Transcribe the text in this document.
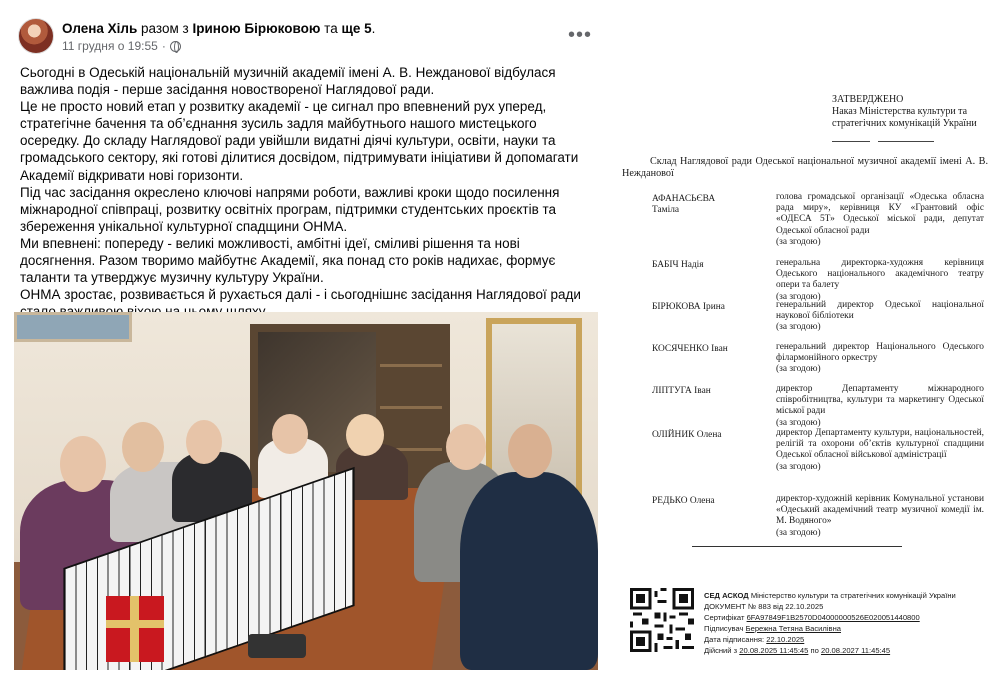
Олена Хіль разом з Іриною Бірюковою та ще 5.
11 грудня о 19:55 ·	•••

Сьогодні в Одеській національній музичній академії імені А. В. Нежданової відбулася важлива подія - перше засідання новоствореної Наглядової ради.

Це не просто новий етап у розвитку академії - це сигнал про впевнений рух уперед, стратегічне бачення та об’єднання зусиль задля майбутнього нашого мистецького осередку. До складу Наглядової ради увійшли видатні діячі культури, освіти, науки та громадського сектору, які готові ділитися досвідом, підтримувати ініціативи й допомагати Академії відкривати нові горизонти.

Під час засідання окреслено ключові напрями роботи, важливі кроки щодо посилення міжнародної співпраці, розвитку освітніх програм, підтримки студентських проєктів та збереження унікальної культурної спадщини ОНМА.

Ми впевнені: попереду - великі можливості, амбітні ідеї, сміливі рішення та нові досягнення. Разом творимо майбутнє Академії, яка понад сто років надихає, формує таланти та утверджує музичну культуру України.

ОНМА зростає, розвивається й рухається далі - і сьогоднішнє засідання Наглядової ради

ЗАТВЕРДЖЕНО
Наказ Міністерства культури та стратегічних комунікацій України
Склад Наглядової ради Одеської національної музичної академії імені А. В. Нежданової
АФАНАСЬЄВА
Таміла
голова громадської організації «Одеська обласна рада миру», керівниця КУ «Грантовий офіс «ОДЕСА 5Т» Одеської міської ради, депутат Одеської обласної ради
(за згодою)
БАБІЧ Надія	генеральна директорка-художня керівниця Одеського національного академічного театру опери та балету
(за згодою)
БІРЮКОВА Ірина	генеральний директор Одеської національної наукової бібліотеки
(за згодою)
КОСЯЧЕНКО Іван	генеральний директор Національного Одеського філармонійного оркестру
(за згодою)
ЛІПТУГА Іван	директор Департаменту міжнародного співробітництва, культури та маркетингу Одеської міської ради
(за згодою)
ОЛІЙНИК Олена	директор Департаменту культури, національностей, релігій та охорони об’єктів культурної спадщини Одеської обласної військової адміністрації
(за згодою)
РЕДЬКО Олена	директор-художній керівник Комунальної установи «Одеський академічний театр музичної комедії ім. М. Водяного»
(за згодою)
СЕД АСКОД Міністерство культури та стратегічних комунікацій України
ДОКУМЕНТ № 883 від 22.10.2025
Сертифікат 6FA97849F1B2570D04000000526E020051440800
Підписувач Бережна Тетяна Василівна
Дата підписання: 22.10.2025
Дійсний з 20.08.2025 11:45:45 по 20.08.2027 11:45:45
